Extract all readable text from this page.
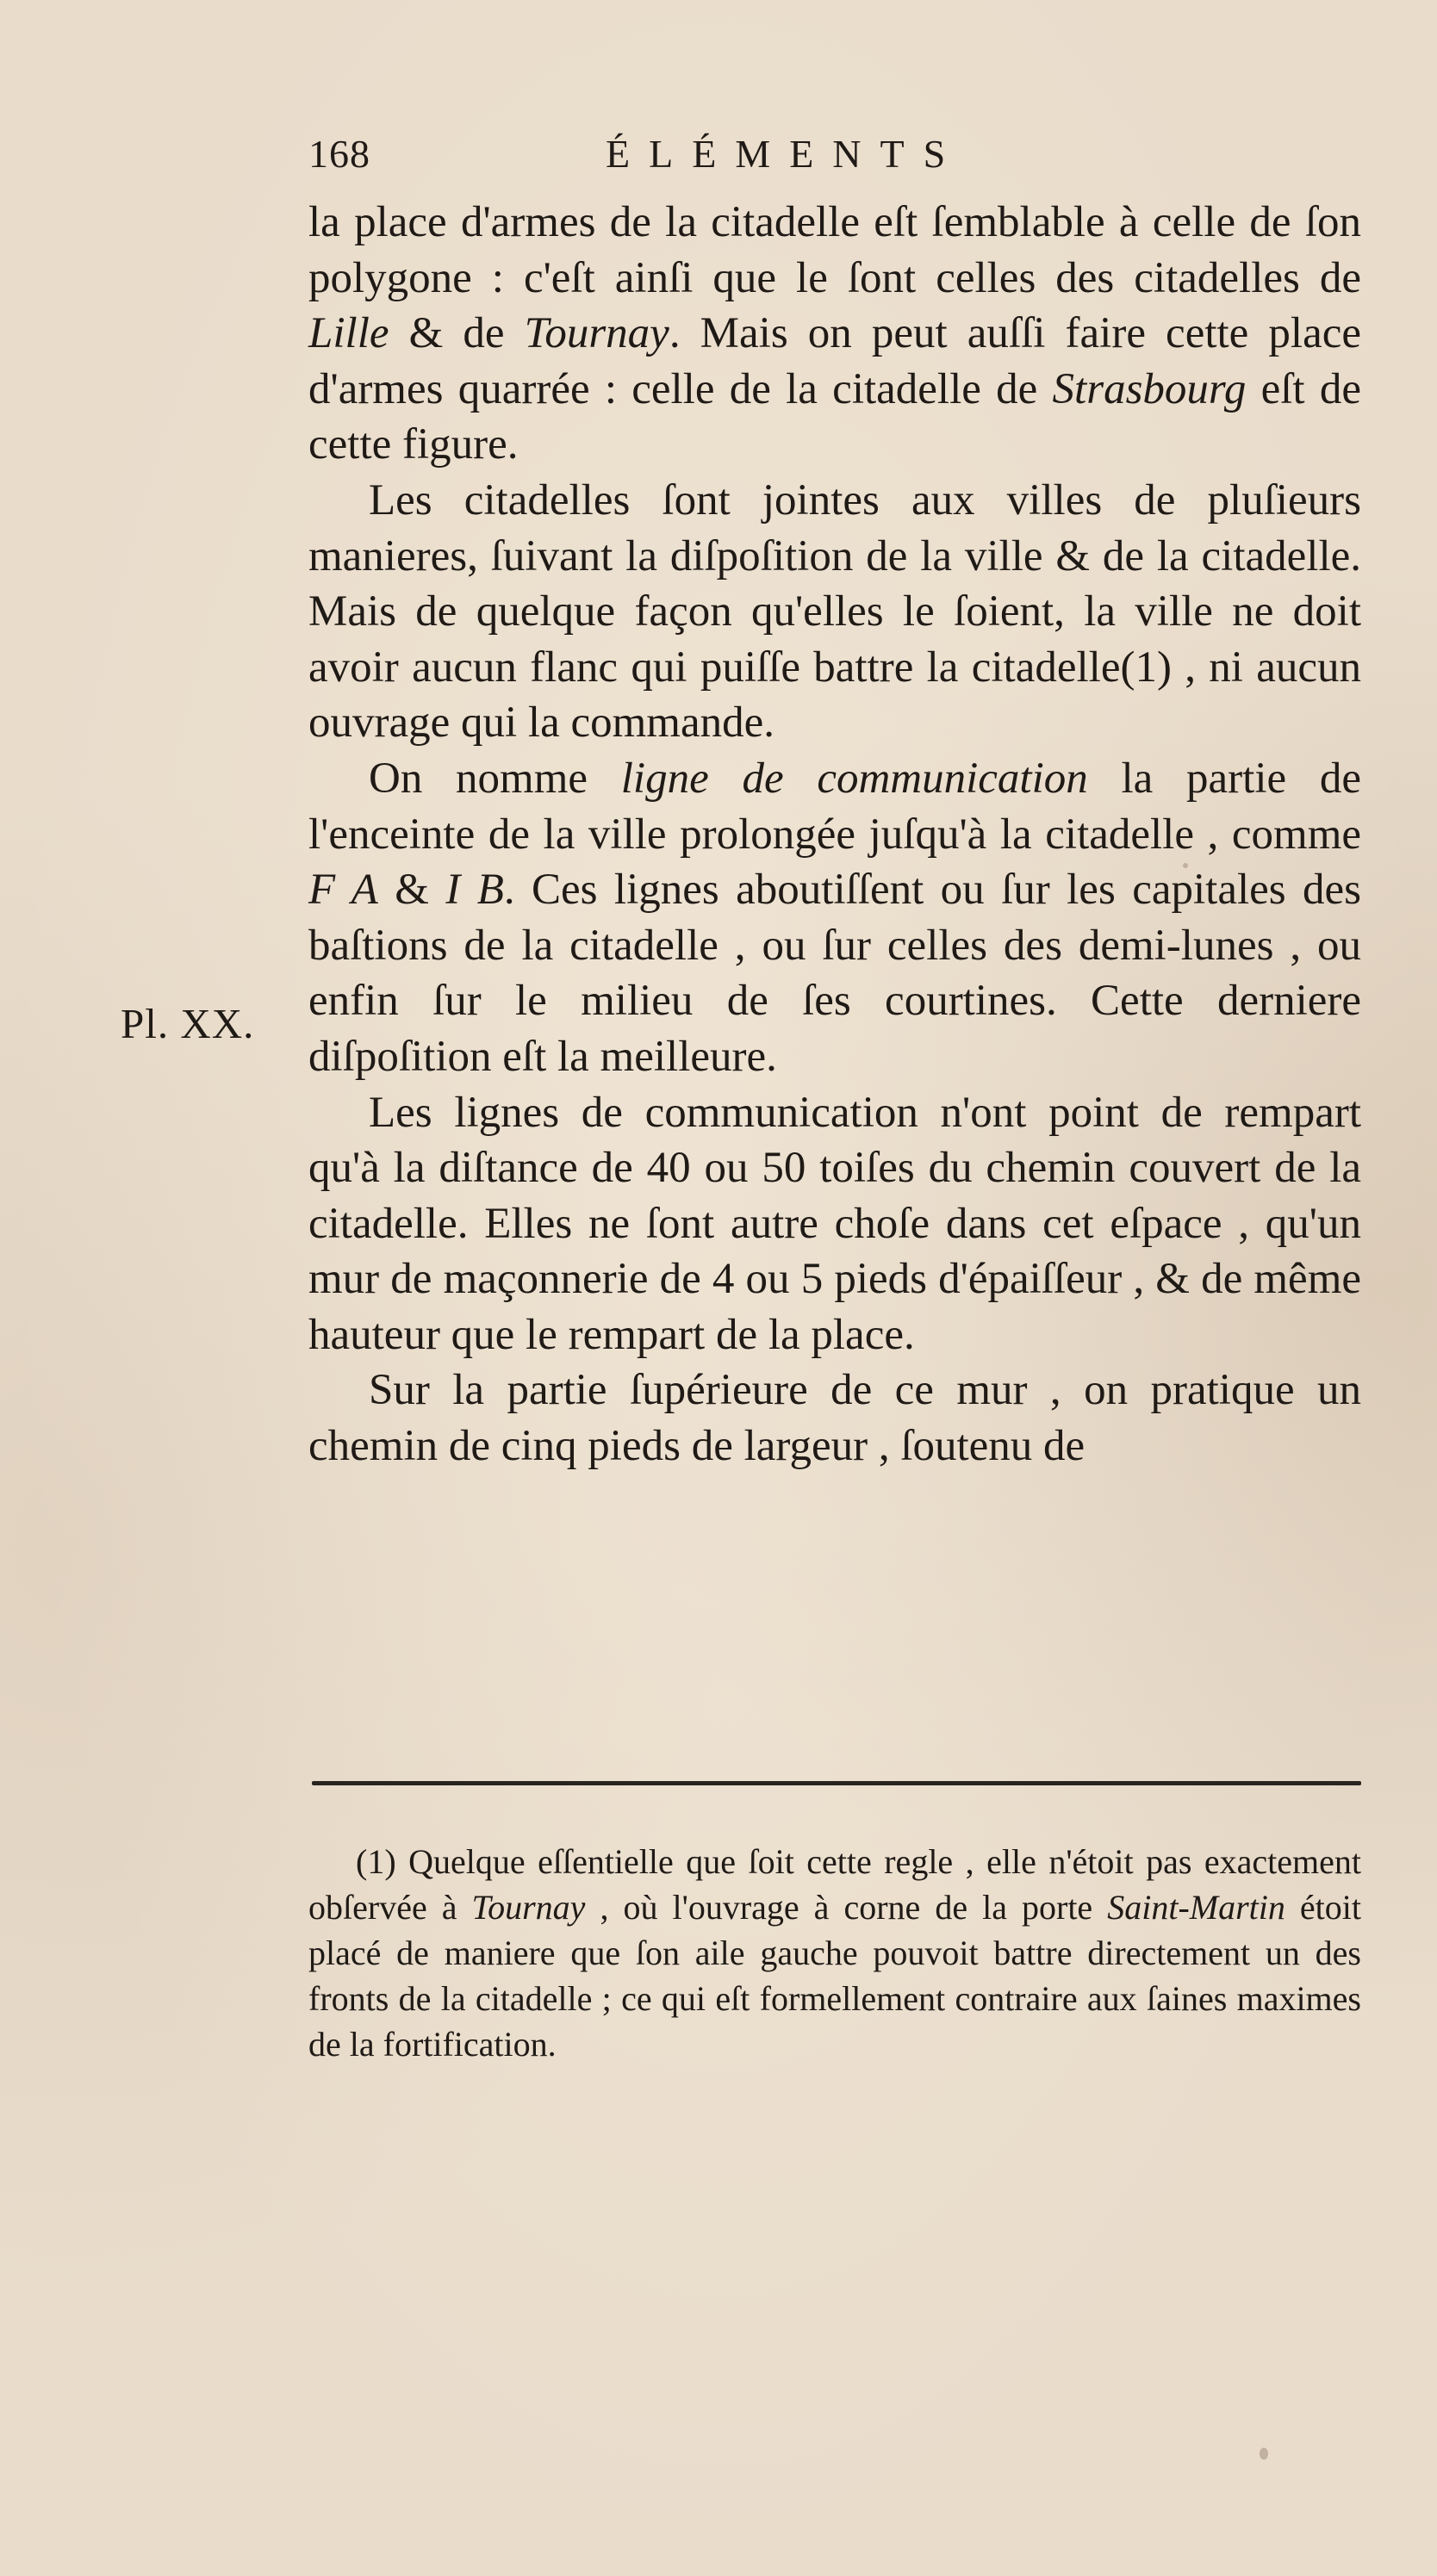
168	ÉLÉMENTS
Pl. XX.

la place d'armes de la citadelle eſt ſemblable à celle de ſon polygone : c'eſt ainſi que le ſont celles des citadelles de Lille & de Tournay. Mais on peut auſſi faire cette place d'armes quarrée : celle de la citadelle de Strasbourg eſt de cette figure.

Les citadelles ſont jointes aux villes de pluſieurs manieres, ſuivant la diſpoſition de la ville & de la citadelle. Mais de quelque façon qu'elles le ſoient, la ville ne doit avoir aucun flanc qui puiſſe battre la citadelle(1) , ni aucun ouvrage qui la commande.

On nomme ligne de communication la partie de l'enceinte de la ville prolongée juſqu'à la citadelle , comme F A & I B. Ces lignes aboutiſſent ou ſur les capitales des baſtions de la citadelle , ou ſur celles des demi-lunes , ou enfin ſur le milieu de ſes courtines. Cette derniere diſpoſition eſt la meilleure.

Les lignes de communication n'ont point de rempart qu'à la diſtance de 40 ou 50 toiſes du chemin couvert de la citadelle. Elles ne ſont autre choſe dans cet eſpace , qu'un mur de maçonnerie de 4 ou 5 pieds d'épaiſſeur , & de même hauteur que le rempart de la place.

Sur la partie ſupérieure de ce mur , on pratique un chemin de cinq pieds de largeur , ſoutenu de

(1) Quelque eſſentielle que ſoit cette regle , elle n'étoit pas exactement obſervée à Tournay , où l'ouvrage à corne de la porte Saint-Martin étoit placé de maniere que ſon aile gauche pouvoit battre directement un des fronts de la citadelle ; ce qui eſt formellement contraire aux ſaines maximes de la fortification.
